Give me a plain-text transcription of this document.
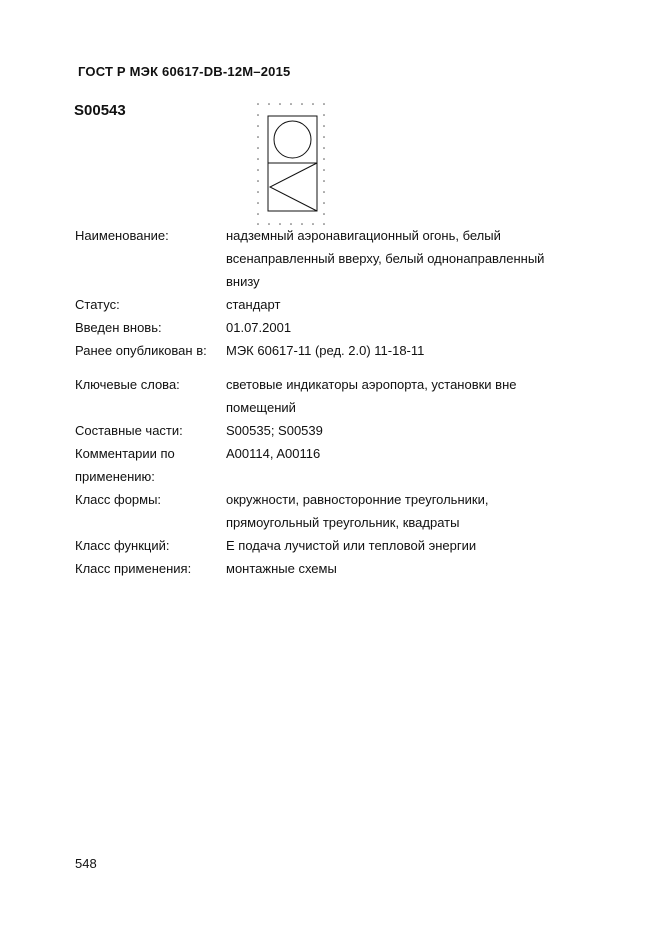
ГОСТ Р МЭК 60617-DB-12M–2015
S00543
Наименование:	надземный аэронавигационный огонь, белый
всенаправленный вверху, белый однонаправленный
внизу
Статус:	стандарт
Введен вновь:	01.07.2001
Ранее опубликован в:	МЭК 60617-11 (ред. 2.0) 11-18-11
Ключевые слова:	световые индикаторы аэропорта, установки вне
помещений
Составные части:	S00535; S00539
Комментарии по
применению:
A00114, A00116
Класс формы:	окружности, равносторонние треугольники,
прямоугольный треугольник, квадраты
Класс функций:	E подача лучистой или тепловой энергии
Класс применения:	монтажные схемы
548
